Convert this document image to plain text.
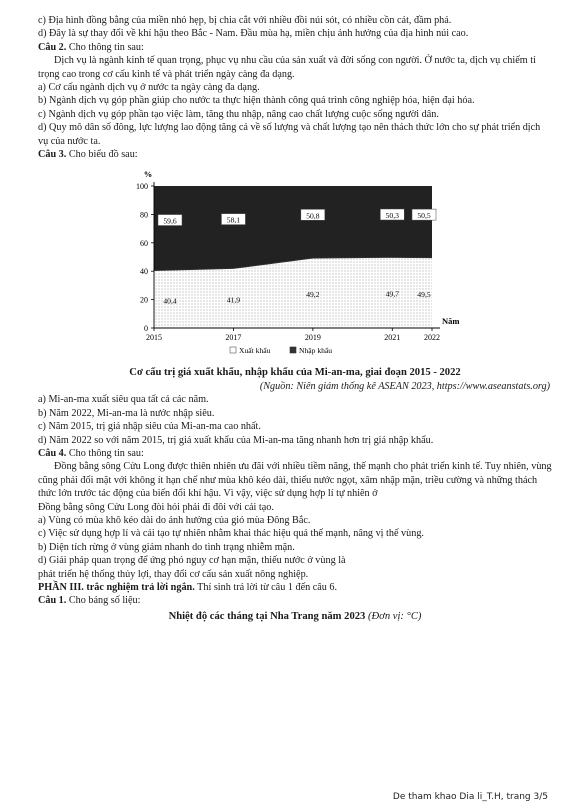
c) Địa hình đồng bằng của miền nhỏ hẹp, bị chia cắt với nhiều đồi núi sót, có nhiều cồn cát, đầm phá.

d) Đây là sự thay đổi về khí hậu theo Bắc - Nam. Đầu mùa hạ, miền chịu ảnh hưởng của địa hình núi cao.

Câu 2. Cho thông tin sau:

Dịch vụ là ngành kinh tế quan trọng, phục vụ nhu cầu của sản xuất và đời sống con người. Ở nước ta, dịch vụ chiếm tỉ trọng cao trong cơ cấu kinh tế và phát triển ngày càng đa dạng.

a) Cơ cấu ngành dịch vụ ở nước ta ngày càng đa dạng.

b) Ngành dịch vụ góp phần giúp cho nước ta thực hiện thành công quá trình công nghiệp hóa, hiện đại hóa.

c) Ngành dịch vụ góp phần tạo việc làm, tăng thu nhập, nâng cao chất lượng cuộc sống người dân.

d) Quy mô dân số đông, lực lượng lao động tăng cả về số lượng và chất lượng tạo nên thách thức lớn cho sự phát triển dịch vụ của nước ta.

Câu 3. Cho biểu đồ sau:

%
Năm
0
20
40
60
80
100
2015	2017	2019	2021	2022
59,6
40,4
58,1
41,9
50,8
49,2
50,3
49,7
50,5
49,5
Xuất khẩu	Nhập khẩu

Cơ cấu trị giá xuất khẩu, nhập khẩu của Mi-an-ma, giai đoạn 2015 - 2022

(Nguồn: Niên giám thống kê ASEAN 2023, https://www.aseanstats.org)

a) Mi-an-ma xuất siêu qua tất cả các năm.

b) Năm 2022, Mi-an-ma là nước nhập siêu.

c) Năm 2015, trị giá nhập siêu của Mi-an-ma cao nhất.

d) Năm 2022 so với năm 2015, trị giá xuất khẩu của Mi-an-ma tăng nhanh hơn trị giá nhập khẩu.

Câu 4. Cho thông tin sau:

Đồng bằng sông Cửu Long được thiên nhiên ưu đãi với nhiều tiềm năng, thế mạnh cho phát triển kinh tế. Tuy nhiên, vùng cũng phải đối mặt với không ít hạn chế như mùa khô kéo dài, thiếu nước ngọt, xâm nhập mặn, triều cường và những thách thức lớn trước tác động của biến đổi khí hậu. Vì vậy, việc sử dụng hợp lí tự nhiên ở

Đồng bằng sông Cửu Long đòi hỏi phải đi đôi với cải tạo.

a) Vùng có mùa khô kéo dài do ảnh hưởng của gió mùa Đông Bắc.

c) Việc sử dụng hợp lí và cải tạo tự nhiên nhằm khai thác hiệu quả thế mạnh, nâng vị thế vùng.

b) Diện tích rừng ở vùng giảm nhanh do tình trạng nhiễm mặn.

d) Giải pháp quan trọng để ứng phó nguy cơ hạn mặn, thiếu nước ở vùng là

phát triển hệ thống thủy lợi, thay đổi cơ cấu sản xuất nông nghiệp.

PHẦN III. trắc nghiệm trả lời ngắn. Thí sinh trả lời từ câu 1 đến câu 6.

Câu 1. Cho bảng số liệu:

Nhiệt độ các tháng tại Nha Trang năm 2023 (Đơn vị: °C)

De tham khao Dia li_T.H, trang 3/5
